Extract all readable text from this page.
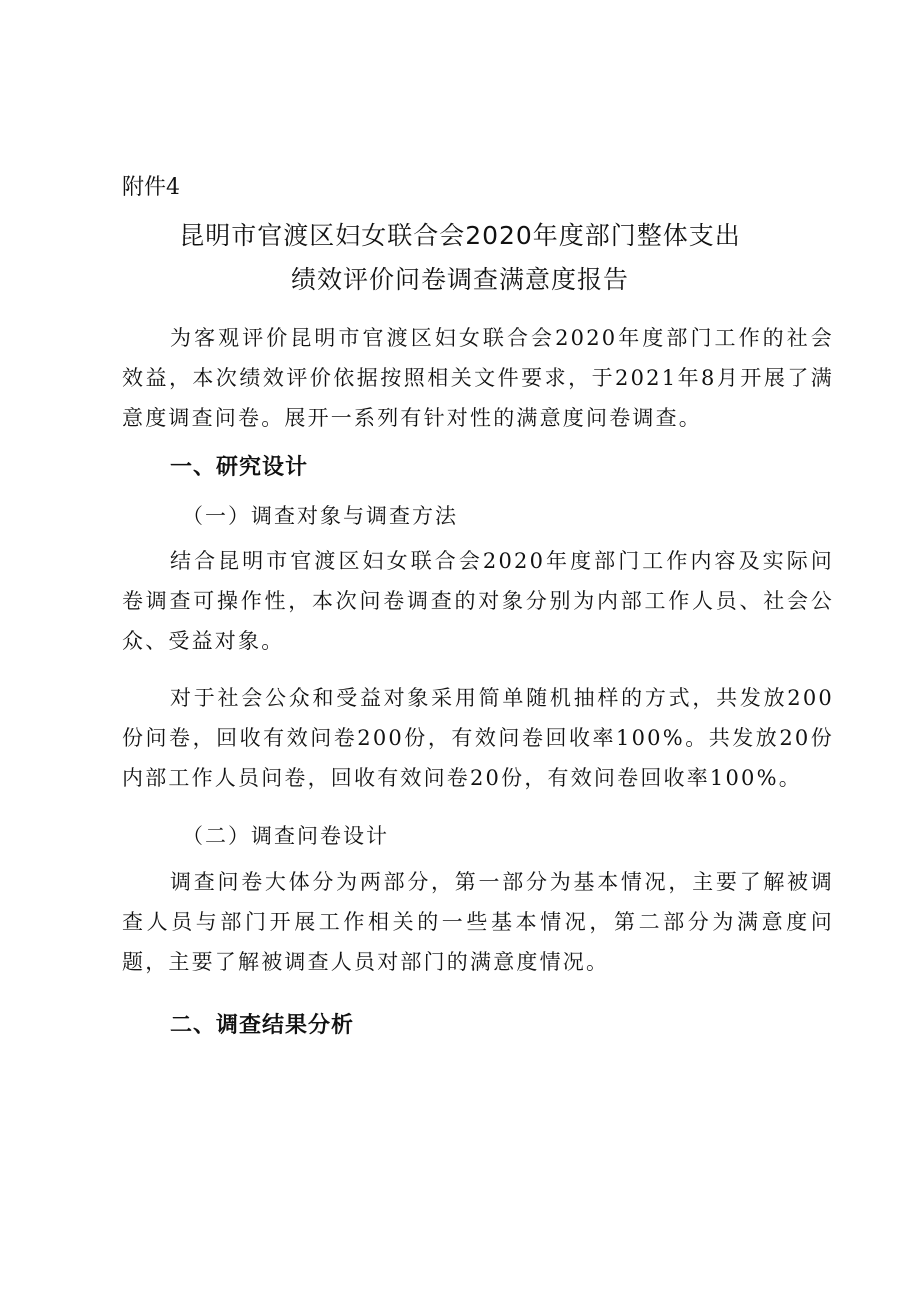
附件4
昆明市官渡区妇女联合会2020年度部门整体支出
绩效评价问卷调查满意度报告

为客观评价昆明市官渡区妇女联合会2020年度部门工作的社会效益，本次绩效评价依据按照相关文件要求，于2021年8月开展了满意度调查问卷。展开一系列有针对性的满意度问卷调查。

一、研究设计
（一）调查对象与调查方法

结合昆明市官渡区妇女联合会2020年度部门工作内容及实际问卷调查可操作性，本次问卷调查的对象分别为内部工作人员、社会公众、受益对象。

对于社会公众和受益对象采用简单随机抽样的方式，共发放200份问卷，回收有效问卷200份，有效问卷回收率100%。共发放20份内部工作人员问卷，回收有效问卷20份，有效问卷回收率100%。

（二）调查问卷设计

调查问卷大体分为两部分，第一部分为基本情况，主要了解被调查人员与部门开展工作相关的一些基本情况，第二部分为满意度问题，主要了解被调查人员对部门的满意度情况。

二、调查结果分析
